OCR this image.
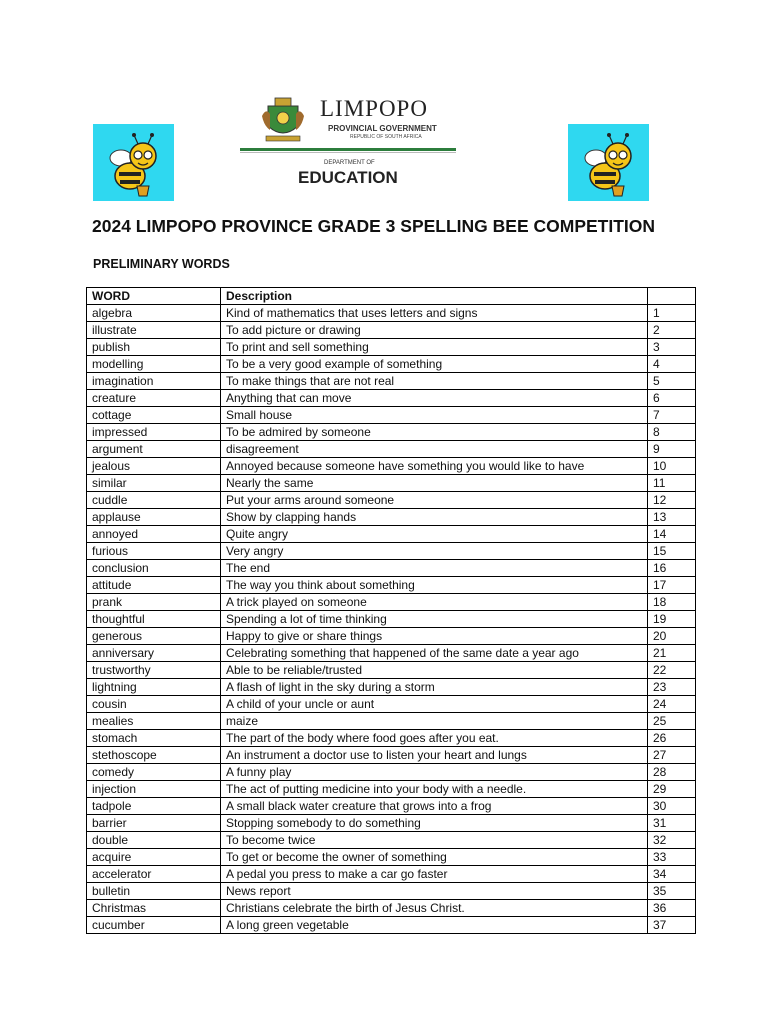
LIMPOPO
PROVINCIAL GOVERNMENT
REPUBLIC OF SOUTH AFRICA
DEPARTMENT OF
EDUCATION
2024 LIMPOPO PROVINCE GRADE 3 SPELLING BEE COMPETITION
PRELIMINARY WORDS
WORD	Description	
algebra	Kind of mathematics that uses letters and signs	1
illustrate	To add picture or drawing	2
publish	To print and sell something	3
modelling	To be a very good example of something	4
imagination	To make things that are not real	5
creature	Anything that can move	6
cottage	Small house	7
impressed	To be admired by someone	8
argument	disagreement	9
jealous	Annoyed because someone have something you would like to have	10
similar	Nearly the same	11
cuddle	Put your arms around someone	12
applause	Show by clapping hands	13
annoyed	Quite angry	14
furious	Very angry	15
conclusion	The end	16
attitude	The way you think about something	17
prank	A trick played on someone	18
thoughtful	Spending a lot of time thinking	19
generous	Happy to give or share things	20
anniversary	Celebrating something that happened of the same date a year ago	21
trustworthy	Able to be reliable/trusted	22
lightning	A flash of light in the sky during a storm	23
cousin	A child of your uncle or aunt	24
mealies	maize	25
stomach	The part of the body where food goes after you eat.	26
stethoscope	An instrument a doctor use to listen your heart and lungs	27
comedy	A funny play	28
injection	The act of putting medicine into your body with a needle.	29
tadpole	A small black water creature that grows into a frog	30
barrier	Stopping somebody to do something	31
double	To become twice	32
acquire	To get or become the owner of something	33
accelerator	A pedal you press to make a car go faster	34
bulletin	News report	35
Christmas	Christians celebrate the birth of Jesus Christ.	36
cucumber	A long green vegetable	37
